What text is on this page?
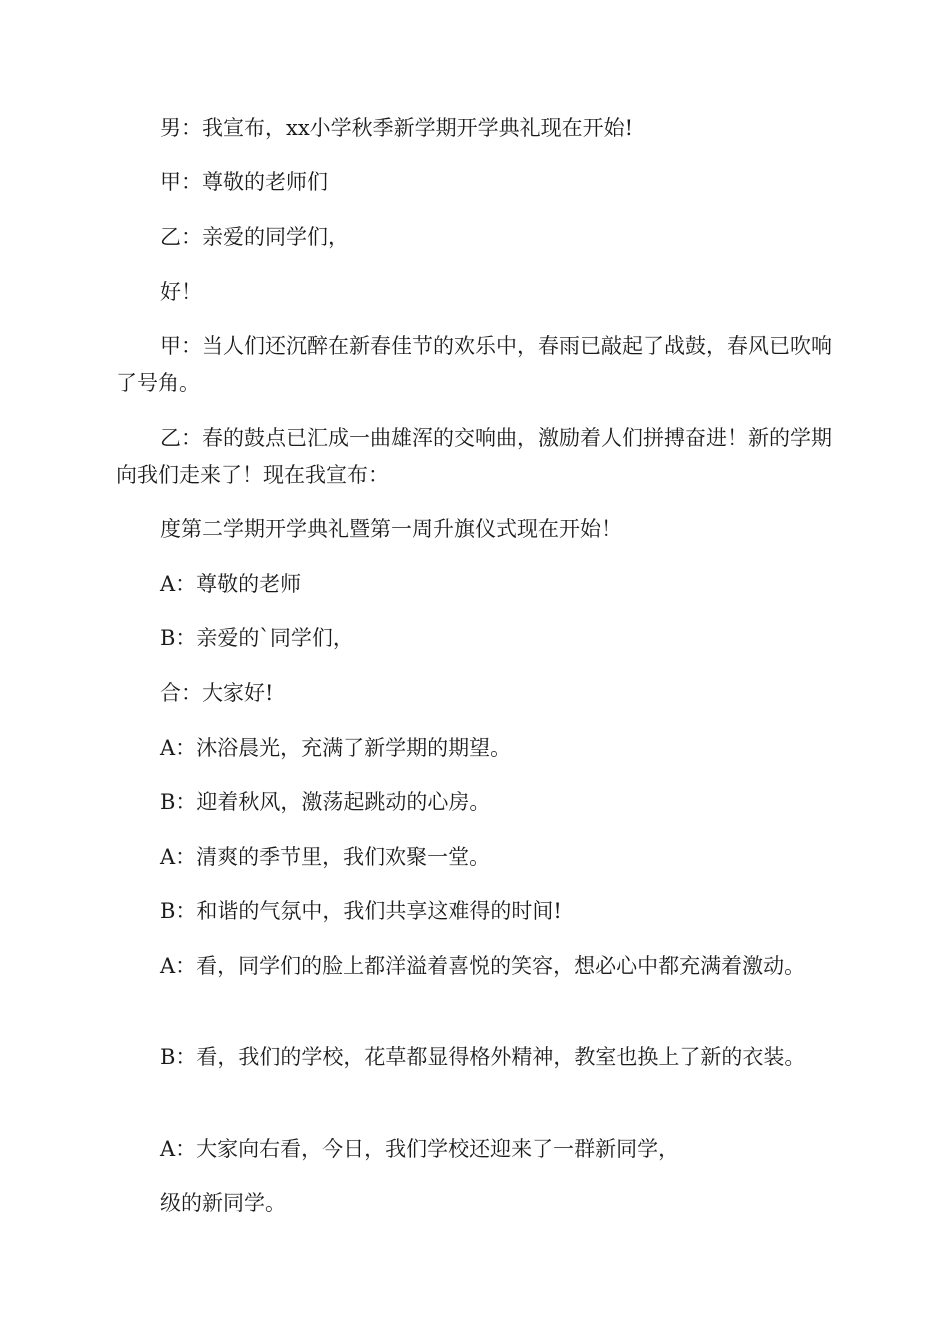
男：我宣布，xx小学秋季新学期开学典礼现在开始!

甲：尊敬的老师们

乙：亲爱的同学们，

好！

甲：当人们还沉醉在新春佳节的欢乐中，春雨已敲起了战鼓，春风已吹响了号角。

乙：春的鼓点已汇成一曲雄浑的交响曲，激励着人们拼搏奋进！新的学期向我们走来了！现在我宣布：

度第二学期开学典礼暨第一周升旗仪式现在开始！

A：尊敬的老师

B：亲爱的`同学们，

合：大家好!

A：沐浴晨光，充满了新学期的期望。

B：迎着秋风，激荡起跳动的心房。

A：清爽的季节里，我们欢聚一堂。

B：和谐的气氛中，我们共享这难得的时间!

A：看，同学们的脸上都洋溢着喜悦的笑容，想必心中都充满着激动。

B：看，我们的学校，花草都显得格外精神，教室也换上了新的衣装。

A：大家向右看，今日，我们学校还迎来了一群新同学，

级的新同学。
